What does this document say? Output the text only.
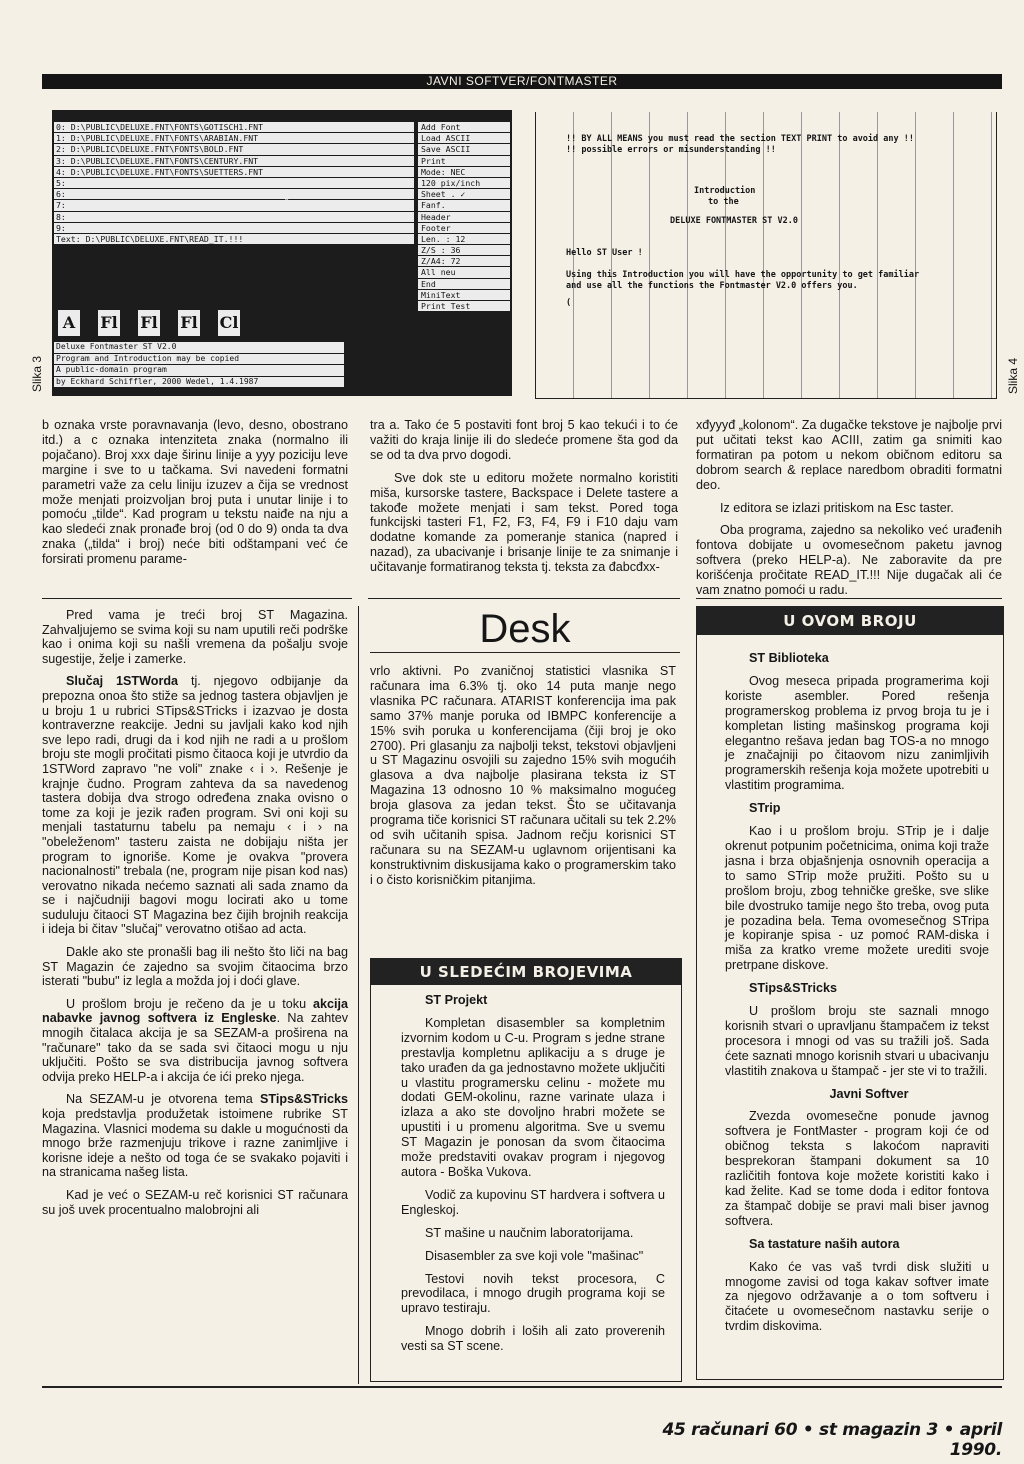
JAVNI SOFTVER/FONTMASTER
0: D:\PUBLIC\DELUXE.FNT\FONTS\GOTISCH1.FNT
1: D:\PUBLIC\DELUXE.FNT\FONTS\ARABIAN.FNT
2: D:\PUBLIC\DELUXE.FNT\FONTS\BOLD.FNT
3: D:\PUBLIC\DELUXE.FNT\FONTS\CENTURY.FNT
4: D:\PUBLIC\DELUXE.FNT\FONTS\SUETTERS.FNT
5:
6:
7:
8:
9:
Text: D:\PUBLIC\DELUXE.FNT\READ_IT.!!!
↖
Add Font
Load ASCII
Save ASCII
Print
Mode: NEC
120 pix/inch
Sheet . ✓
Fanf.
Header
Footer
Len. : 12
Z/S : 36
Z/A4: 72
All neu
End
MiniText
Print Test
A Fl Fl Fl Cl
Deluxe Fontmaster ST V2.0
Program and Introduction may be copied
A public-domain program
by Eckhard Schiffler, 2000 Wedel, 1.4.1987
Slika 3
!! BY ALL MEANS you must read the section TEXT PRINT to avoid any !!
!! possible errors or misunderstanding !!
Introduction
to the
DELUXE FONTMASTER ST V2.0
Hello ST User !
Using this Introduction you will have the opportunity to get familiar
and use all the functions the Fontmaster V2.0 offers you.
(
Slika 4

b oznaka vrste poravnavanja (levo, desno, obostrano itd.) a c oznaka intenziteta znaka (normalno ili pojačano). Broj xxx daje širinu linije a yyy poziciju leve margine i sve to u tačkama. Svi navedeni formatni parametri važe za celu liniju izuzev a čija se vrednost može menjati proizvoljan broj puta i unutar linije i to pomoću „tilde“. Kad program u tekstu naiđe na nju a kao sledeći znak pronađe broj (od 0 do 9) onda ta dva znaka („tilda“ i broj) neće biti odštampani već će forsirati promenu parame-

tra a. Tako će 5 postaviti font broj 5 kao tekući i to će važiti do kraja linije ili do sledeće promene šta god da se od ta dva prvo dogodi.

Sve dok ste u editoru možete normalno koristiti miša, kursorske tastere, Backspace i Delete tastere a takođe možete menjati i sam tekst. Pored toga funkcijski tasteri F1, F2, F3, F4, F9 i F10 daju vam dodatne komande za pomeranje stanica (napred i nazad), za ubacivanje i brisanje linije te za snimanje i učitavanje formatiranog teksta tj. teksta za đabcđxx-

xđyyyđ „kolonom“. Za dugačke tekstove je najbolje prvi put učitati tekst kao ACIII, zatim ga snimiti kao formatiran pa potom u nekom običnom editoru sa dobrom search & replace naredbom obraditi formatni deo.

Iz editora se izlazi pritiskom na Esc taster.

Oba programa, zajedno sa nekoliko već urađenih fontova dobijate u ovomesečnom paketu javnog softvera (preko HELP-a). Ne zaboravite da pre korišćenja pročitate READ_IT.!!! Nije dugačak ali će vam znatno pomoći u radu.

Pred vama je treći broj ST Magazina. Zahvaljujemo se svima koji su nam uputili reči podrške kao i onima koji su našli vremena da pošalju svoje sugestije, želje i zamerke.

Slučaj 1STWorda tj. njegovo odbijanje da prepozna onoa što stiže sa jednog tastera objavljen je u broju 1 u rubrici STips&STricks i izazvao je dosta kontraverzne reakcije. Jedni su javljali kako kod njih sve lepo radi, drugi da i kod njih ne radi a u prošlom broju ste mogli pročitati pismo čitaoca koji je utvrdio da 1STWord zapravo "ne voli" znake ‹ i ›. Rešenje je krajnje čudno. Program zahteva da sa navedenog tastera dobija dva strogo određena znaka ovisno o tome za koji je jezik rađen program. Svi oni koji su menjali tastaturnu tabelu pa nemaju ‹ i › na "obeleženom" tasteru zaista ne dobijaju ništa jer program to ignoriše. Kome je ovakva "provera nacionalnosti" trebala (ne, program nije pisan kod nas) verovatno nikada nećemo saznati ali sada znamo da se i najčudniji bagovi mogu locirati ako u tome suduluju čitaoci ST Magazina bez čijih brojnih reakcija i ideja bi čitav "slučaj" verovatno otišao ad acta.

Dakle ako ste pronašli bag ili nešto što liči na bag ST Magazin će zajedno sa svojim čitaocima brzo isterati "bubu" iz legla a možda joj i doći glave.

U prošlom broju je rečeno da je u toku akcija nabavke javnog softvera iz Engleske. Na zahtev mnogih čitalaca akcija je sa SEZAM-a proširena na "računare" tako da se sada svi čitaoci mogu u nju uključiti. Pošto se sva distribucija javnog softvera odvija preko HELP-a i akcija će ići preko njega.

Na SEZAM-u je otvorena tema STips&STricks koja predstavlja produžetak istoimene rubrike ST Magazina. Vlasnici modema su dakle u mogućnosti da mnogo brže razmenjuju trikove i razne zanimljive i korisne ideje a nešto od toga će se svakako pojaviti i na stranicama našeg lista.

Kad je već o SEZAM-u reč korisnici ST računara su još uvek procentualno malobrojni ali

Desk

vrlo aktivni. Po zvaničnoj statistici vlasnika ST računara ima 6.3% tj. oko 14 puta manje nego vlasnika PC računara. ATARIST konferencija ima pak samo 37% manje poruka od IBMPC konferencije a 15% svih poruka u konferencijama (čiji broj je oko 2700). Pri glasanju za najbolji tekst, tekstovi objavljeni u ST Magazinu osvojili su zajedno 15% svih mogućih glasova a dva najbolje plasirana teksta iz ST Magazina 13 odnosno 10 % maksimalno mogućeg broja glasova za jedan tekst. Što se učitavanja programa tiče korisnici ST računara učitali su tek 2.2% od svih učitanih spisa. Jadnom rečju korisnici ST računara su na SEZAM-u uglavnom orijentisani ka konstruktivnim diskusijama kako o programerskim tako i o čisto korisničkim pitanjima.

U SLEDEĆIM BROJEVIMA

ST Projekt

Kompletan disasembler sa kompletnim izvornim kodom u C-u. Program s jedne strane prestavlja kompletnu aplikaciju a s druge je tako urađen da ga jednostavno možete uključiti u vlastitu programersku celinu - možete mu dodati GEM-okolinu, razne varinate ulaza i izlaza a ako ste dovoljno hrabri možete se upustiti i u promenu algoritma. Sve u svemu ST Magazin je ponosan da svom čitaocima može predstaviti ovakav program i njegovog autora - Boška Vukova.

Vodič za kupovinu ST hardvera i softvera u Engleskoj.

ST mašine u naučnim laboratorijama.

Disasembler za sve koji vole "mašinac"

Testovi novih tekst procesora, C prevodilaca, i mnogo drugih programa koji se upravo testiraju.

Mnogo dobrih i loših ali zato proverenih vesti sa ST scene.

U OVOM BROJU

ST Biblioteka

Ovog meseca pripada programerima koji koriste asembler. Pored rešenja programerskog problema iz prvog broja tu je i kompletan listing mašinskog programa koji elegantno rešava jedan bag TOS-a no mnogo je značajniji po čitaovom nizu zanimljivih programerskih rešenja koja možete upotrebiti u vlastitim programima.

STrip

Kao i u prošlom broju. STrip je i dalje okrenut potpunim početnicima, onima koji traže jasna i brza objašnjenja osnovnih operacija a to samo STrip može pružiti. Pošto su u prošlom broju, zbog tehničke greške, sve slike bile dvostruko tamije nego što treba, ovog puta je pozadina bela. Tema ovomesečnog STripa je kopiranje spisa - uz pomoć RAM-diska i miša za kratko vreme možete urediti svoje pretrpane diskove.

STips&STricks

U prošlom broju ste saznali mnogo korisnih stvari o upravljanu štampačem iz tekst procesora i mnogi od vas su tražili još. Sada ćete saznati mnogo korisnih stvari u ubacivanju vlastitih znakova u štampač - jer ste vi to tražili.

Javni Softver

Zvezda ovomesečne ponude javnog softvera je FontMaster - program koji će od običnog teksta s lakoćom napraviti besprekoran štampani dokument sa 10 različitih fontova koje možete koristiti kako i kad želite. Kad se tome doda i editor fontova za štampač dobije se pravi mali biser javnog softvera.

Sa tastature naših autora

Kako će vas vaš tvrdi disk služiti u mnogome zavisi od toga kakav softver imate za njegovo održavanje a o tom softveru i čitaćete u ovomesečnom nastavku serije o tvrdim diskovima.

45 računari 60 • st magazin 3 • april 1990.
